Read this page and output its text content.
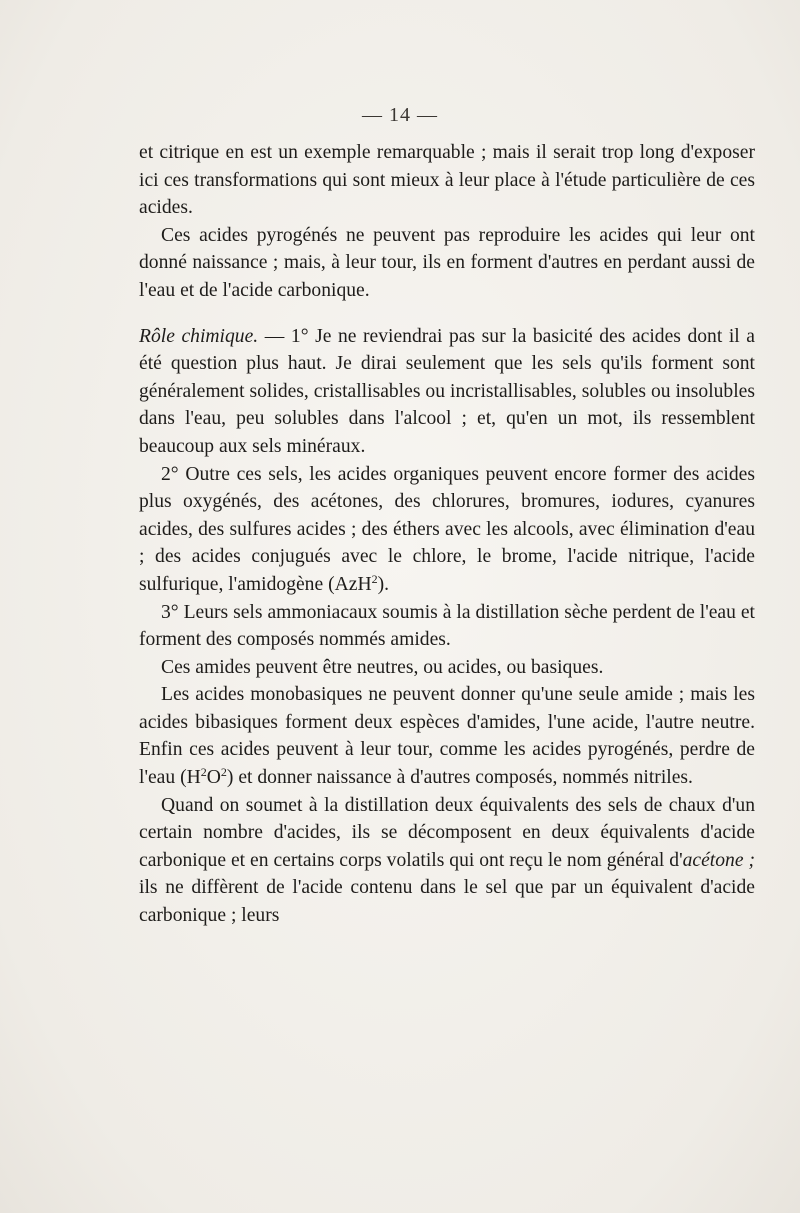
— 14 —

et citrique en est un exemple remarquable ; mais il serait trop long d'exposer ici ces transformations qui sont mieux à leur place à l'étude particulière de ces acides.

Ces acides pyrogénés ne peuvent pas reproduire les acides qui leur ont donné naissance ; mais, à leur tour, ils en forment d'autres en perdant aussi de l'eau et de l'acide carbonique.

Rôle chimique. — 1° Je ne reviendrai pas sur la basicité des acides dont il a été question plus haut. Je dirai seulement que les sels qu'ils forment sont généralement solides, cristallisables ou incristallisables, solubles ou insolubles dans l'eau, peu solubles dans l'alcool ; et, qu'en un mot, ils ressemblent beaucoup aux sels minéraux.

2° Outre ces sels, les acides organiques peuvent encore former des acides plus oxygénés, des acétones, des chlorures, bromures, iodures, cyanures acides, des sulfures acides ; des éthers avec les alcools, avec élimination d'eau ; des acides conjugués avec le chlore, le brome, l'acide nitrique, l'acide sulfurique, l'amidogène (AzH$^2$).

3° Leurs sels ammoniacaux soumis à la distillation sèche perdent de l'eau et forment des composés nommés amides.

Ces amides peuvent être neutres, ou acides, ou basiques.

Les acides monobasiques ne peuvent donner qu'une seule amide ; mais les acides bibasiques forment deux espèces d'amides, l'une acide, l'autre neutre. Enfin ces acides peuvent à leur tour, comme les acides pyrogénés, perdre de l'eau $(H^2O^2)$ et donner naissance à d'autres composés, nommés nitriles.

Quand on soumet à la distillation deux équivalents des sels de chaux d'un certain nombre d'acides, ils se décomposent en deux équivalents d'acide carbonique et en certains corps volatils qui ont reçu le nom général d'acétone ; ils ne diffèrent de l'acide contenu dans le sel que par un équivalent d'acide carbonique ; leurs
